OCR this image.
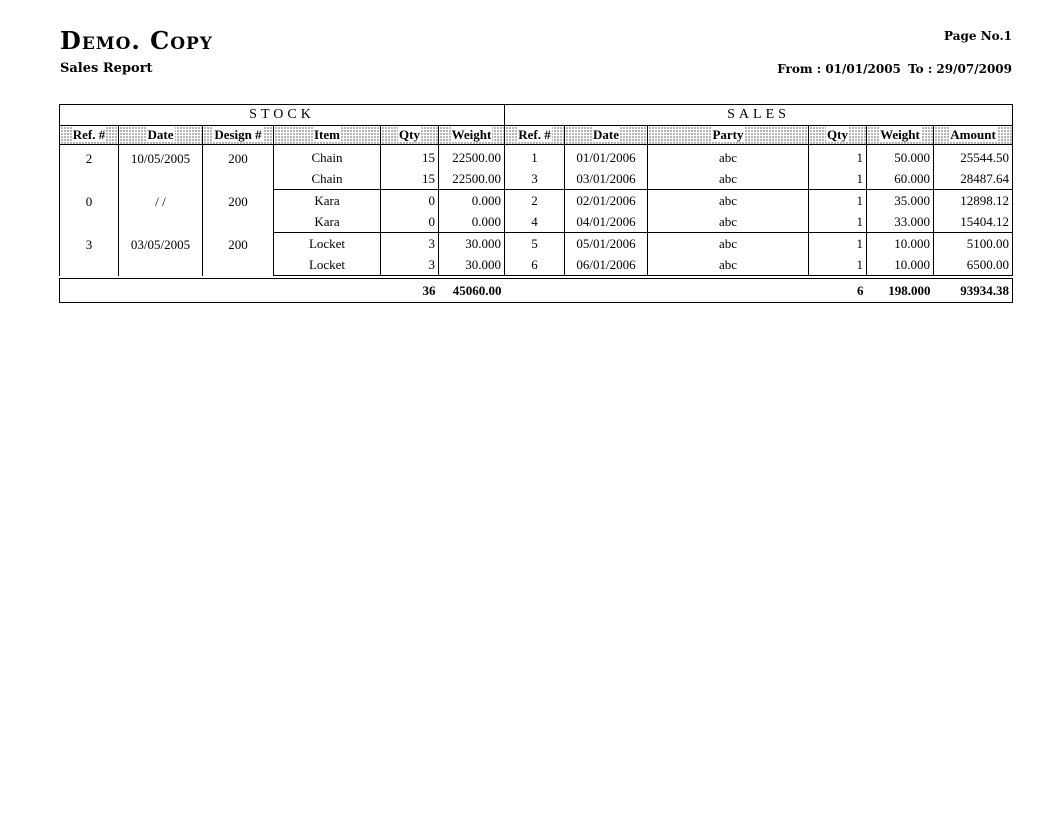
Demo. Copy	Page No.1
Sales Report	From : 01/01/2005 To : 29/07/2009
STOCK						SALES					
Ref. #	Date	Design #	Item	Qty	Weight	Ref. #	Date	Party	Qty	Weight	Amount

2	10/05/2005	200	Chain	15	22500.00	1	01/01/2006	abc	1	50.000	25544.50
			Chain	15	22500.00	3	03/01/2006	abc	1	60.000	28487.64
0	/ /	200	Kara	0	0.000	2	02/01/2006	abc	1	35.000	12898.12
			Kara	0	0.000	4	04/01/2006	abc	1	33.000	15404.12
3	03/05/2005	200	Locket	3	30.000	5	05/01/2006	abc	1	10.000	5100.00
			Locket	3	30.000	6	06/01/2006	abc	1	10.000	6500.00

				36	45060.00				6	198.000	93934.38
